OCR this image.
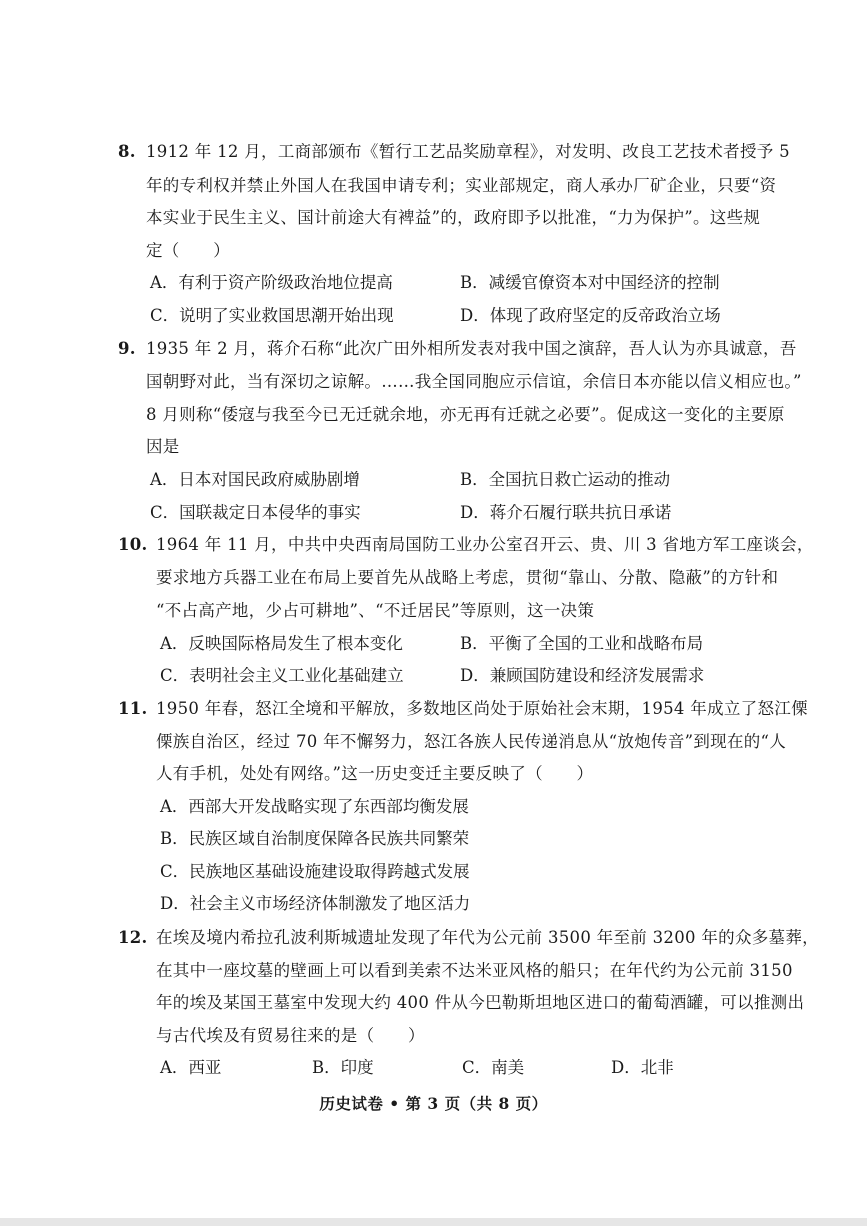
8. 1912 年 12 月，工商部颁布《暂行工艺品奖励章程》，对发明、改良工艺技术者授予 5
年的专利权并禁止外国人在我国申请专利；实业部规定，商人承办厂矿企业，只要“资
本实业于民生主义、国计前途大有裨益”的，政府即予以批准，“力为保护”。这些规
定（　　）
A．有利于资产阶级政治地位提高	B．减缓官僚资本对中国经济的控制
C．说明了实业救国思潮开始出现	D．体现了政府坚定的反帝政治立场
9. 1935 年 2 月，蒋介石称“此次广田外相所发表对我中国之演辞，吾人认为亦具诚意，吾
国朝野对此，当有深切之谅解。……我全国同胞应示信谊，余信日本亦能以信义相应也。”
8 月则称“倭寇与我至今已无迁就余地，亦无再有迁就之必要”。促成这一变化的主要原
因是
A．日本对国民政府威胁剧增	B．全国抗日救亡运动的推动
C．国联裁定日本侵华的事实	D．蒋介石履行联共抗日承诺
10. 1964 年 11 月，中共中央西南局国防工业办公室召开云、贵、川 3 省地方军工座谈会，
要求地方兵器工业在布局上要首先从战略上考虑，贯彻“靠山、分散、隐蔽”的方针和
“不占高产地，少占可耕地”、“不迁居民”等原则，这一决策
A．反映国际格局发生了根本变化	B．平衡了全国的工业和战略布局
C．表明社会主义工业化基础建立	D．兼顾国防建设和经济发展需求
11. 1950 年春，怒江全境和平解放，多数地区尚处于原始社会末期，1954 年成立了怒江傈
傈族自治区，经过 70 年不懈努力，怒江各族人民传递消息从“放炮传音”到现在的“人
人有手机，处处有网络。”这一历史变迁主要反映了（　　）
A．西部大开发战略实现了东西部均衡发展
B．民族区域自治制度保障各民族共同繁荣
C．民族地区基础设施建设取得跨越式发展
D．社会主义市场经济体制激发了地区活力
12. 在埃及境内希拉孔波利斯城遗址发现了年代为公元前 3500 年至前 3200 年的众多墓葬，
在其中一座坟墓的壁画上可以看到美索不达米亚风格的船只；在年代约为公元前 3150
年的埃及某国王墓室中发现大约 400 件从今巴勒斯坦地区进口的葡萄酒罐，可以推测出
与古代埃及有贸易往来的是（　　）
A．西亚	B．印度	C．南美	D．北非
历史试卷 • 第 3 页（共 8 页）
